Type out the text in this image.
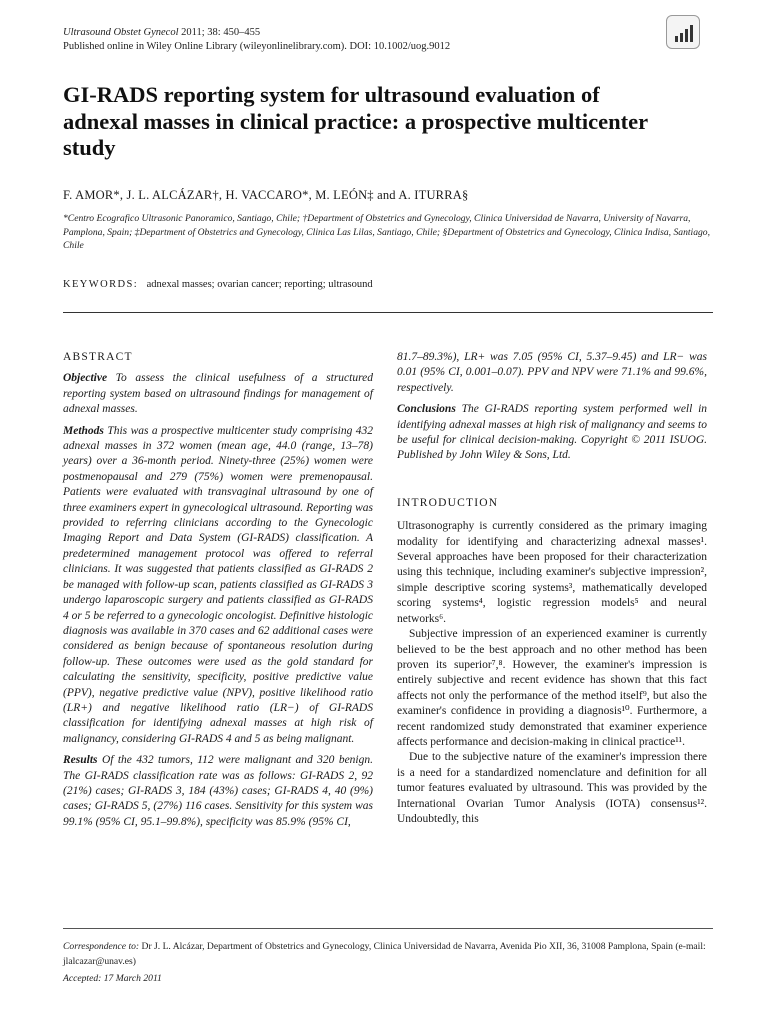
Ultrasound Obstet Gynecol 2011; 38: 450–455
Published online in Wiley Online Library (wileyonlinelibrary.com). DOI: 10.1002/uog.9012
GI-RADS reporting system for ultrasound evaluation of adnexal masses in clinical practice: a prospective multicenter study
F. AMOR*, J. L. ALCÁZAR†, H. VACCARO*, M. LEÓN‡ and A. ITURRA§
*Centro Ecografico Ultrasonic Panoramico, Santiago, Chile; †Department of Obstetrics and Gynecology, Clinica Universidad de Navarra, University of Navarra, Pamplona, Spain; ‡Department of Obstetrics and Gynecology, Clinica Las Lilas, Santiago, Chile; §Department of Obstetrics and Gynecology, Clinica Indisa, Santiago, Chile
KEYWORDS: adnexal masses; ovarian cancer; reporting; ultrasound
ABSTRACT

Objective To assess the clinical usefulness of a structured reporting system based on ultrasound findings for management of adnexal masses.

Methods This was a prospective multicenter study comprising 432 adnexal masses in 372 women (mean age, 44.0 (range, 13–78) years) over a 36-month period. Ninety-three (25%) women were postmenopausal and 279 (75%) women were premenopausal. Patients were evaluated with transvaginal ultrasound by one of three examiners expert in gynecological ultrasound. Reporting was provided to referring clinicians according to the Gynecologic Imaging Report and Data System (GI-RADS) classification. A predetermined management protocol was offered to referral clinicians. It was suggested that patients classified as GI-RADS 2 be managed with follow-up scan, patients classified as GI-RADS 3 undergo laparoscopic surgery and patients classified as GI-RADS 4 or 5 be referred to a gynecologic oncologist. Definitive histologic diagnosis was available in 370 cases and 62 additional cases were considered as benign because of spontaneous resolution during follow-up. These outcomes were used as the gold standard for calculating the sensitivity, specificity, positive predictive value (PPV), negative predictive value (NPV), positive likelihood ratio (LR+) and negative likelihood ratio (LR−) of GI-RADS classification for identifying adnexal masses at high risk of malignancy, considering GI-RADS 4 and 5 as being malignant.

Results Of the 432 tumors, 112 were malignant and 320 benign. The GI-RADS classification rate was as follows: GI-RADS 2, 92 (21%) cases; GI-RADS 3, 184 (43%) cases; GI-RADS 4, 40 (9%) cases; GI-RADS 5, (27%) 116 cases. Sensitivity for this system was 99.1% (95% CI, 95.1–99.8%), specificity was 85.9% (95% CI,

81.7–89.3%), LR+ was 7.05 (95% CI, 5.37–9.45) and LR− was 0.01 (95% CI, 0.001–0.07). PPV and NPV were 71.1% and 99.6%, respectively.

Conclusions The GI-RADS reporting system performed well in identifying adnexal masses at high risk of malignancy and seems to be useful for clinical decision-making. Copyright © 2011 ISUOG. Published by John Wiley & Sons, Ltd.

INTRODUCTION

Ultrasonography is currently considered as the primary imaging modality for identifying and characterizing adnexal masses¹. Several approaches have been proposed for their characterization using this technique, including examiner's subjective impression², simple descriptive scoring systems³, mathematically developed scoring systems⁴, logistic regression models⁵ and neural networks⁶.

Subjective impression of an experienced examiner is currently believed to be the best approach and no other method has been proven its superior⁷,⁸. However, the examiner's impression is entirely subjective and recent evidence has shown that this fact affects not only the performance of the method itself⁹, but also the examiner's confidence in providing a diagnosis¹⁰. Furthermore, a recent randomized study demonstrated that examiner experience affects performance and decision-making in clinical practice¹¹.

Due to the subjective nature of the examiner's impression there is a need for a standardized nomenclature and definition for all tumor features evaluated by ultrasound. This was provided by the International Ovarian Tumor Analysis (IOTA) consensus¹². Undoubtedly, this

Correspondence to: Dr J. L. Alcázar, Department of Obstetrics and Gynecology, Clinica Universidad de Navarra, Avenida Pio XII, 36, 31008 Pamplona, Spain (e-mail: jlalcazar@unav.es)
Accepted: 17 March 2011
